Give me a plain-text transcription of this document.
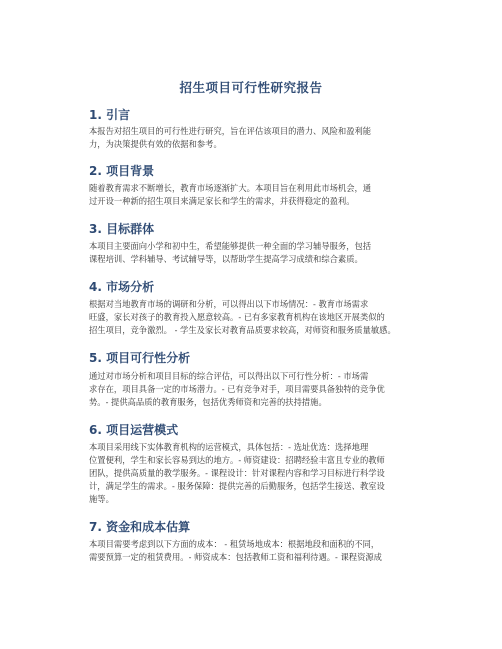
招生项目可行性研究报告
1. 引言
本报告对招生项目的可行性进行研究，旨在评估该项目的潜力、风险和盈利能
力，为决策提供有效的依据和参考。
2. 项目背景
随着教育需求不断增长，教育市场逐渐扩大。本项目旨在利用此市场机会，通
过开设一种新的招生项目来满足家长和学生的需求，并获得稳定的盈利。
3. 目标群体
本项目主要面向小学和初中生，希望能够提供一种全面的学习辅导服务，包括
课程培训、学科辅导、考试辅导等，以帮助学生提高学习成绩和综合素质。
4. 市场分析
根据对当地教育市场的调研和分析，可以得出以下市场情况：- 教育市场需求
旺盛，家长对孩子的教育投入愿意较高。- 已有多家教育机构在该地区开展类似的
招生项目，竞争激烈。 - 学生及家长对教育品质要求较高，对师资和服务质量敏感。
5. 项目可行性分析
通过对市场分析和项目目标的综合评估，可以得出以下可行性分析：- 市场需
求存在，项目具备一定的市场潜力。- 已有竞争对手，项目需要具备独特的竞争优
势。- 提供高品质的教育服务，包括优秀师资和完善的扶持措施。
6. 项目运营模式
本项目采用线下实体教育机构的运营模式，具体包括：- 选址优选：选择地理
位置便利，学生和家长容易到达的地方。- 师资建设：招聘经验丰富且专业的教师
团队，提供高质量的教学服务。- 课程设计：针对课程内容和学习目标进行科学设
计，满足学生的需求。- 服务保障：提供完善的后勤服务，包括学生接送、教室设
施等。
7. 资金和成本估算
本项目需要考虑到以下方面的成本： - 租赁场地成本：根据地段和面积的不同，
需要预算一定的租赁费用。- 师资成本：包括教师工资和福利待遇。- 课程资源成
